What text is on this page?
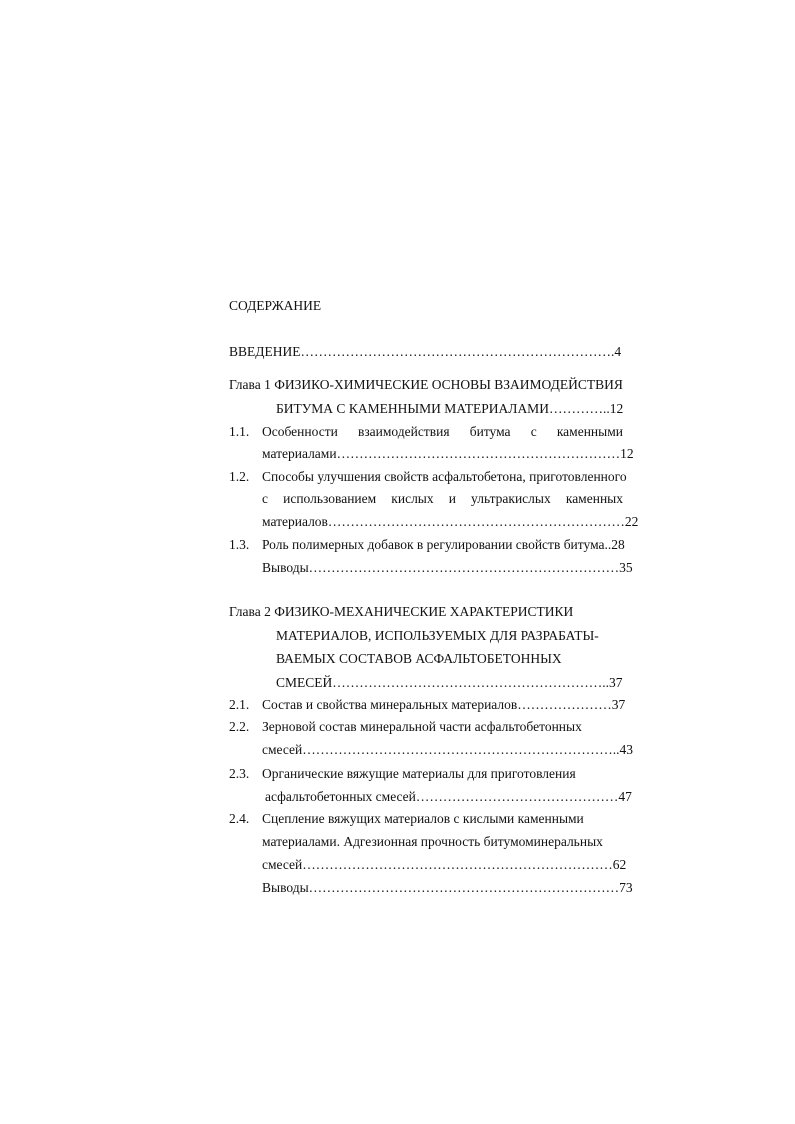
СОДЕРЖАНИЕ
ВВЕДЕНИЕ…………………………………………………………….4
Глава 1 ФИЗИКО-ХИМИЧЕСКИЕ ОСНОВЫ ВЗАИМОДЕЙСТВИЯ
БИТУМА С КАМЕННЫМИ МАТЕРИАЛАМИ…………..12
1.1. Особенности взаимодействия битума с каменными
материалами………………………………………………………12
1.2. Способы улучшения свойств асфальтобетона, приготовленного
с использованием кислых и ультракислых каменных
материалов…………………………………………………………22
1.3. Роль полимерных добавок в регулировании свойств битума..28
Выводы……………………………………………………………35
Глава 2 ФИЗИКО-МЕХАНИЧЕСКИЕ ХАРАКТЕРИСТИКИ
МАТЕРИАЛОВ, ИСПОЛЬЗУЕМЫХ ДЛЯ РАЗРАБАТЫ-
ВАЕМЫХ СОСТАВОВ АСФАЛЬТОБЕТОННЫХ
СМЕСЕЙ……………………………………………………..37
2.1. Состав и свойства минеральных материалов…………………37
2.2. Зерновой состав минеральной части асфальтобетонных
смесей……………………………………………………………..43
2.3. Органические вяжущие материалы для приготовления
асфальтобетонных смесей………………………………………47
2.4. Сцепление вяжущих материалов с кислыми каменными
материалами. Адгезионная прочность битумоминеральных
смесей……………………………………………………………62
Выводы……………………………………………………………73
